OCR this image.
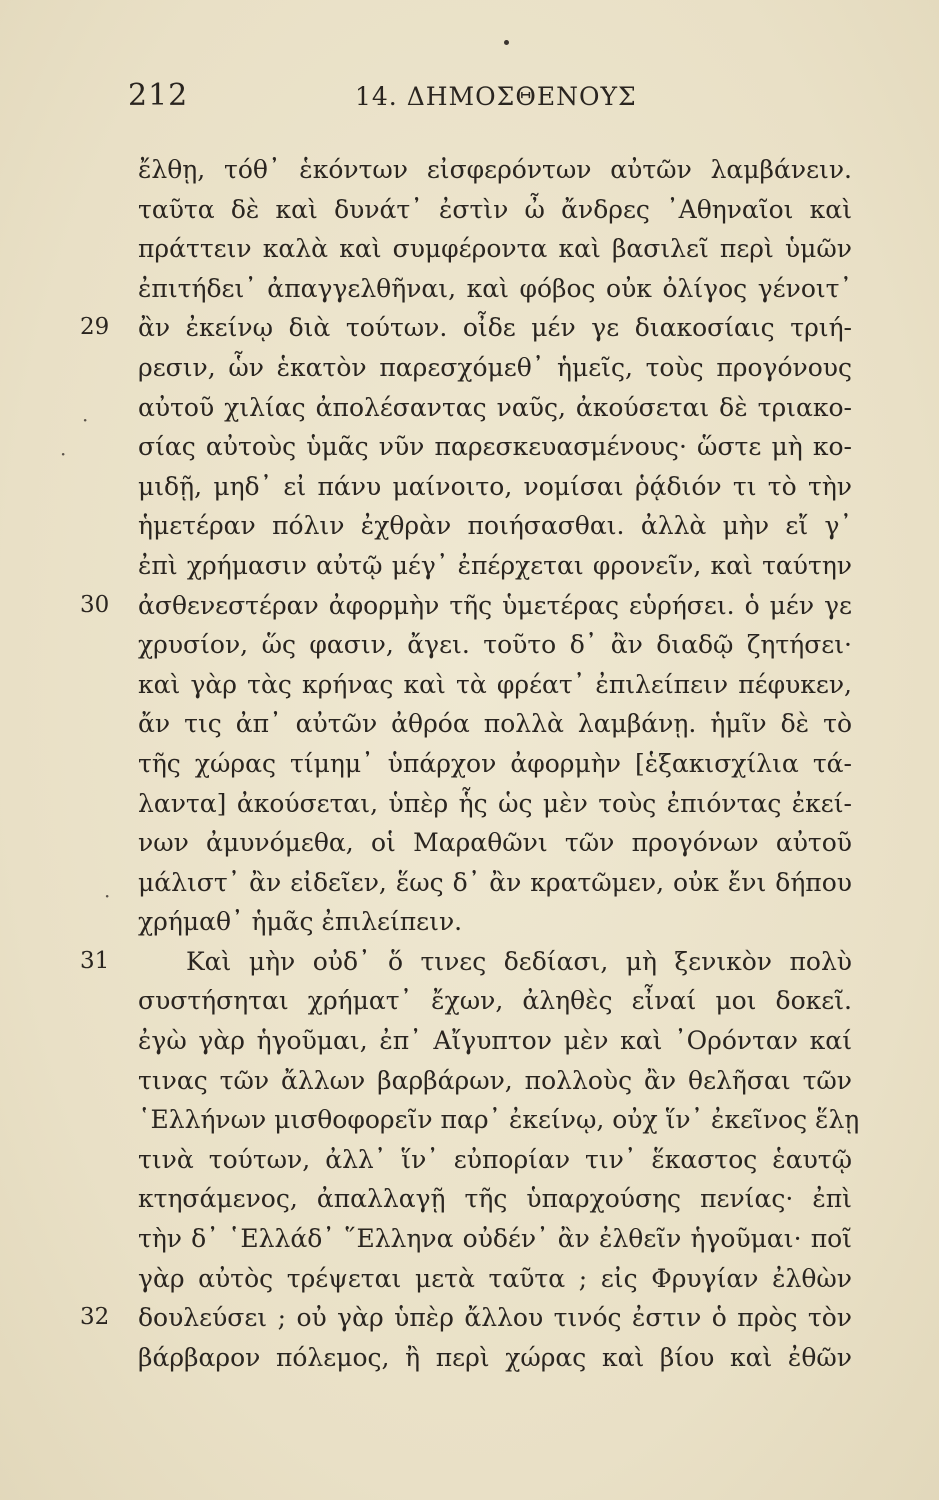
212	14. ΔΗΜΟΣΘΕΝΟΥΣ
ἔλθῃ, τόθ᾽ ἑκόντων εἰσφερόντων αὐτῶν λαμβάνειν.
ταῦτα δὲ καὶ δυνάτ᾽ ἐστὶν ὦ ἄνδρες ᾿Αθηναῖοι καὶ
πράττειν καλὰ καὶ συμφέροντα καὶ βασιλεῖ περὶ ὑμῶν
ἐπιτήδει᾽ ἀπαγγελθῆναι, καὶ φόβος οὐκ ὀλίγος γένοιτ᾽
29	ἂν ἐκείνῳ διὰ τούτων. οἶδε μέν γε διακοσίαις τριή-
ρεσιν, ὧν ἑκατὸν παρεσχόμεθ᾽ ἡμεῖς, τοὺς προγόνους
αὐτοῦ χιλίας ἀπολέσαντας ναῦς, ἀκούσεται δὲ τριακο-
σίας αὐτοὺς ὑμᾶς νῦν παρεσκευασμένους· ὥστε μὴ κο-
μιδῇ, μηδ᾽ εἰ πάνυ μαίνοιτο, νομίσαι ῥᾴδιόν τι τὸ τὴν
ἡμετέραν πόλιν ἐχθρὰν ποιήσασθαι. ἀλλὰ μὴν εἴ γ᾽
ἐπὶ χρήμασιν αὐτῷ μέγ᾽ ἐπέρχεται φρονεῖν, καὶ ταύτην
30	ἀσθενεστέραν ἀφορμὴν τῆς ὑμετέρας εὑρήσει. ὁ μέν γε
χρυσίον, ὥς φασιν, ἄγει. τοῦτο δ᾽ ἂν διαδῷ ζητήσει·
καὶ γὰρ τὰς κρήνας καὶ τὰ φρέατ᾽ ἐπιλείπειν πέφυκεν,
ἄν τις ἀπ᾽ αὐτῶν ἀθρόα πολλὰ λαμβάνῃ. ἡμῖν δὲ τὸ
τῆς χώρας τίμημ᾽ ὑπάρχον ἀφορμὴν [ἑξακισχίλια τά-
λαντα] ἀκούσεται, ὑπὲρ ἧς ὡς μὲν τοὺς ἐπιόντας ἐκεί-
νων ἀμυνόμεθα, οἱ Μαραθῶνι τῶν προγόνων αὐτοῦ
μάλιστ᾽ ἂν εἰδεῖεν, ἕως δ᾽ ἂν κρατῶμεν, οὐκ ἔνι δήπου
χρήμαθ᾽ ἡμᾶς ἐπιλείπειν.
31	Καὶ μὴν οὐδ᾽ ὅ τινες δεδίασι, μὴ ξενικὸν πολὺ
συστήσηται χρήματ᾽ ἔχων, ἀληθὲς εἶναί μοι δοκεῖ.
ἐγὼ γὰρ ἡγοῦμαι, ἐπ᾽ Αἴγυπτον μὲν καὶ ᾿Ορόνταν καί
τινας τῶν ἄλλων βαρβάρων, πολλοὺς ἂν θελῆσαι τῶν
῾Ελλήνων μισθοφορεῖν παρ᾽ ἐκείνῳ, οὐχ ἵν᾽ ἐκεῖνος ἕλῃ
τινὰ τούτων, ἀλλ᾽ ἵν᾽ εὐπορίαν τιν᾽ ἕκαστος ἑαυτῷ
κτησάμενος, ἀπαλλαγῇ τῆς ὑπαρχούσης πενίας· ἐπὶ
τὴν δ᾽ ῾Ελλάδ᾽ ῞Ελληνα οὐδέν᾽ ἂν ἐλθεῖν ἡγοῦμαι· ποῖ
γὰρ αὐτὸς τρέψεται μετὰ ταῦτα ; εἰς Φρυγίαν ἐλθὼν
32	δουλεύσει ; οὐ γὰρ ὑπὲρ ἄλλου τινός ἐστιν ὁ πρὸς τὸν
βάρβαρον πόλεμος, ἢ περὶ χώρας καὶ βίου καὶ ἐθῶν
·
·
·
